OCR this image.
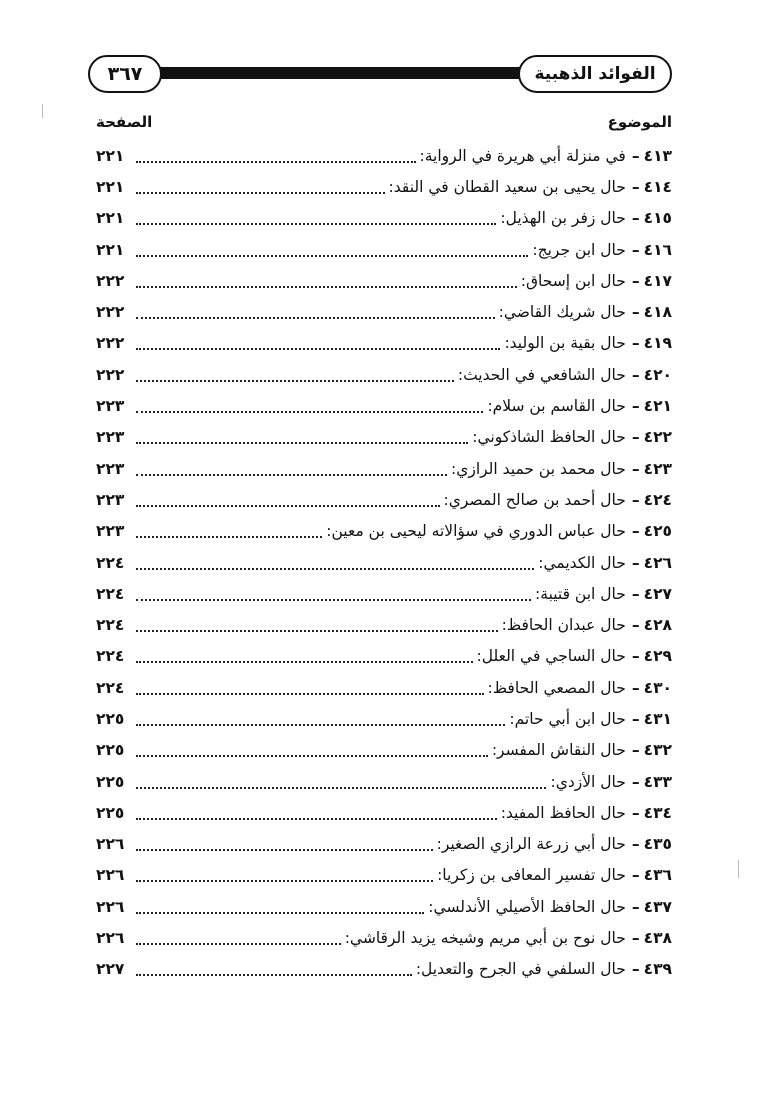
٣٦٧	الفوائد الذهبية
الصفحة	الموضوع
٤١٣
–
في منزلة أبي هريرة في الرواية:
٢٢١
٤١٤
–
حال يحيى بن سعيد القطان في النقد:
٢٢١
٤١٥
–
حال زفر بن الهذيل:
٢٢١
٤١٦
–
حال ابن جريج:
٢٢١
٤١٧
–
حال ابن إسحاق:
٢٢٢
٤١٨
–
حال شريك القاضي:
٢٢٢
٤١٩
–
حال بقية بن الوليد:
٢٢٢
٤٢٠
–
حال الشافعي في الحديث:
٢٢٢
٤٢١
–
حال القاسم بن سلام:
٢٢٣
٤٢٢
–
حال الحافظ الشاذكوني:
٢٢٣
٤٢٣
–
حال محمد بن حميد الرازي:
٢٢٣
٤٢٤
–
حال أحمد بن صالح المصري:
٢٢٣
٤٢٥
–
حال عباس الدوري في سؤالاته ليحيى بن معين:
٢٢٣
٤٢٦
–
حال الكديمي:
٢٢٤
٤٢٧
–
حال ابن قتيبة:
٢٢٤
٤٢٨
–
حال عبدان الحافظ:
٢٢٤
٤٢٩
–
حال الساجي في العلل:
٢٢٤
٤٣٠
–
حال المصعي الحافظ:
٢٢٤
٤٣١
–
حال ابن أبي حاتم:
٢٢٥
٤٣٢
–
حال النقاش المفسر:
٢٢٥
٤٣٣
–
حال الأزدي:
٢٢٥
٤٣٤
–
حال الحافظ المفيد:
٢٢٥
٤٣٥
–
حال أبي زرعة الرازي الصغير:
٢٢٦
٤٣٦
–
حال تفسير المعافى بن زكريا:
٢٢٦
٤٣٧
–
حال الحافظ الأصيلي الأندلسي:
٢٢٦
٤٣٨
–
حال نوح بن أبي مريم وشيخه يزيد الرقاشي:
٢٢٦
٤٣٩
–
حال السلفي في الجرح والتعديل:
٢٢٧
